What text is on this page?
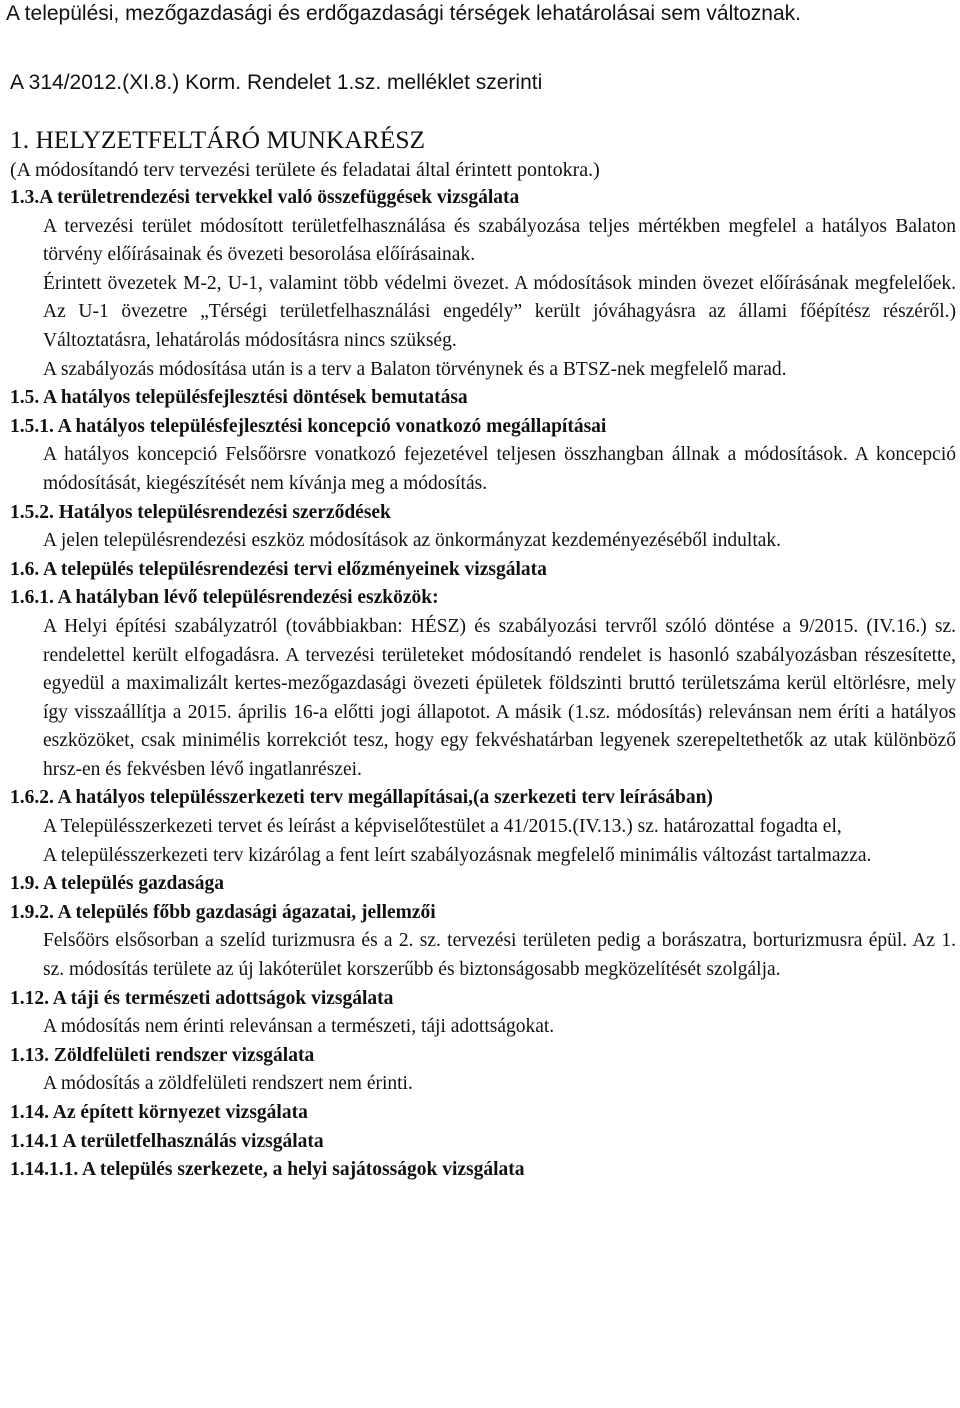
A települési, mezőgazdasági és erdőgazdasági térségek lehatárolásai sem változnak.
A 314/2012.(XI.8.) Korm. Rendelet 1.sz. melléklet szerinti
1. HELYZETFELTÁRÓ MUNKARÉSZ
(A módosítandó terv tervezési területe és feladatai által érintett pontokra.)
1.3.A területrendezési tervekkel való összefüggések vizsgálata
A tervezési terület módosított területfelhasználása és szabályozása teljes mértékben megfelel a hatályos Balaton törvény előírásainak és övezeti besorolása előírásainak.
Érintett övezetek M-2, U-1, valamint több védelmi övezet. A módosítások minden övezet előírásának megfelelőek. Az U-1 övezetre „Térségi területfelhasználási engedély” került jóváhagyásra az állami főépítész részéről.) Változtatásra, lehatárolás módosításra nincs szükség.
A szabályozás módosítása után is a terv a Balaton törvénynek és a BTSZ-nek megfelelő marad.
1.5. A hatályos településfejlesztési döntések bemutatása
1.5.1. A hatályos településfejlesztési koncepció vonatkozó megállapításai
A hatályos koncepció Felsőörsre vonatkozó fejezetével teljesen összhangban állnak a módosítások. A koncepció módosítását, kiegészítését nem kívánja meg a módosítás.
1.5.2. Hatályos településrendezési szerződések
A jelen településrendezési eszköz módosítások az önkormányzat kezdeményezéséből indultak.
1.6. A település településrendezési tervi előzményeinek vizsgálata
1.6.1. A hatályban lévő településrendezési eszközök:
A Helyi építési szabályzatról (továbbiakban: HÉSZ) és szabályozási tervről szóló döntése a 9/2015. (IV.16.) sz. rendelettel került elfogadásra. A tervezési területeket módosítandó rendelet is hasonló szabályozásban részesítette, egyedül a maximalizált kertes-mezőgazdasági övezeti épületek földszinti bruttó területszáma kerül eltörlésre, mely így visszaállítja a 2015. április 16-a előtti jogi állapotot. A másik (1.sz. módosítás) relevánsan nem éríti a hatályos eszközöket, csak minimélis korrekciót tesz, hogy egy fekvéshatárban legyenek szerepeltethetők az utak különböző hrsz-en és fekvésben lévő ingatlanrészei.
1.6.2. A hatályos településszerkezeti terv megállapításai,(a szerkezeti terv leírásában)
A Településszerkezeti tervet és leírást a képviselőtestület a 41/2015.(IV.13.) sz. határozattal fogadta el,
A településszerkezeti terv kizárólag a fent leírt szabályozásnak megfelelő minimális változást tartalmazza.
1.9. A település gazdasága
1.9.2. A település főbb gazdasági ágazatai, jellemzői
Felsőörs elsősorban a szelíd turizmusra és a 2. sz. tervezési területen pedig a borászatra, borturizmusra épül. Az 1. sz. módosítás területe az új lakóterület korszerűbb és biztonságosabb megközelítését szolgálja.
1.12. A táji és természeti adottságok vizsgálata
A módosítás nem érinti relevánsan a természeti, táji adottságokat.
1.13. Zöldfelületi rendszer vizsgálata
A módosítás a zöldfelületi rendszert nem érinti.
1.14. Az épített környezet vizsgálata
1.14.1 A területfelhasználás vizsgálata
1.14.1.1. A település szerkezete, a helyi sajátosságok vizsgálata
